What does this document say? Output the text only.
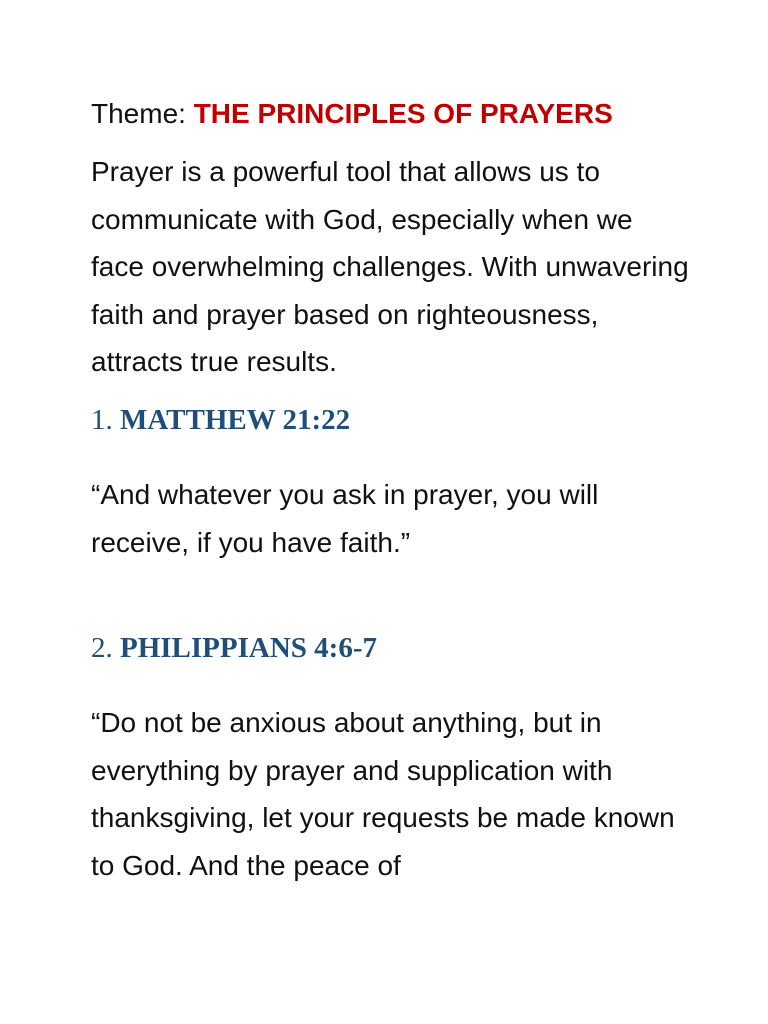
Theme: THE PRINCIPLES OF PRAYERS

Prayer is a powerful tool that allows us to communicate with God, especially when we face overwhelming challenges. With unwavering faith and prayer based on righteousness, attracts true results.

1. MATTHEW 21:22

“And whatever you ask in prayer, you will receive, if you have faith.”

2. PHILIPPIANS 4:6-7

“Do not be anxious about anything, but in everything by prayer and supplication with thanksgiving, let your requests be made known to God. And the peace of
